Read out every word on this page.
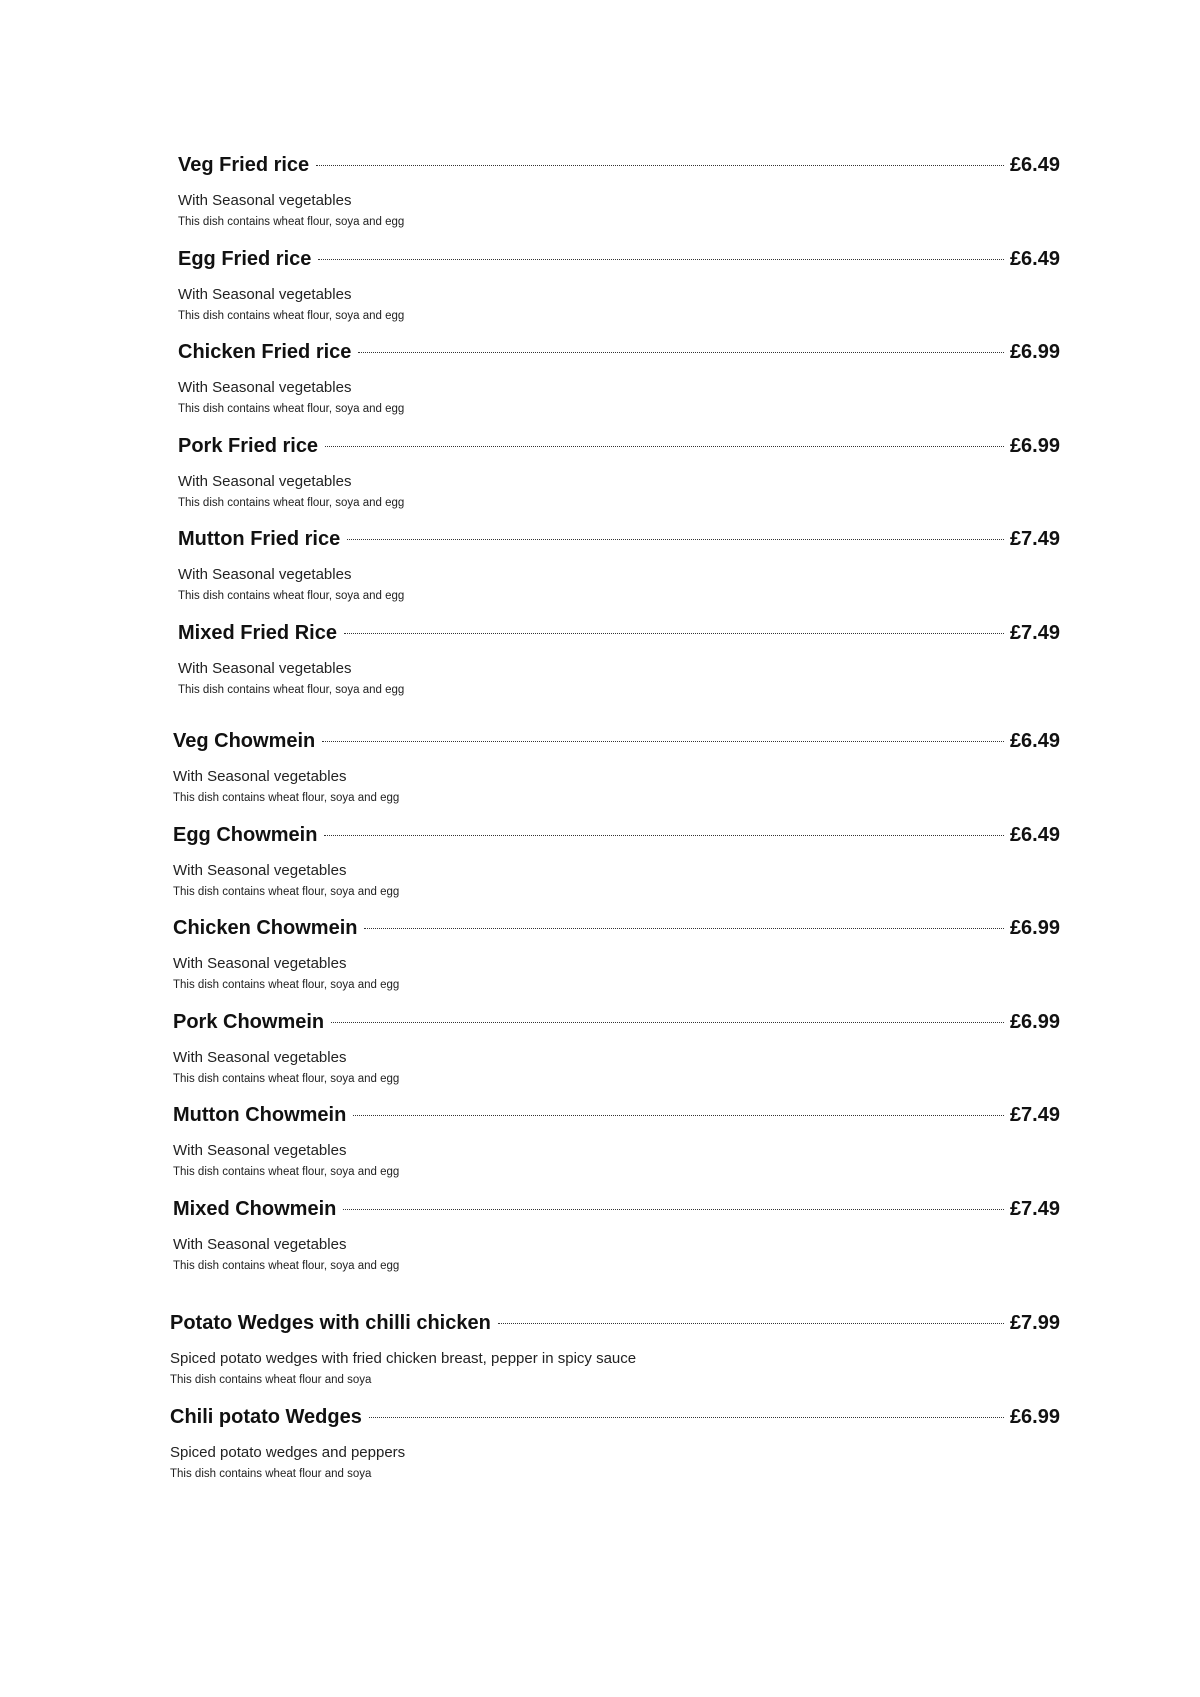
Veg Fried rice	£6.49
With Seasonal vegetables
This dish contains wheat flour, soya and egg
Egg Fried rice	£6.49
With Seasonal vegetables
This dish contains wheat flour, soya and egg
Chicken Fried rice	£6.99
With Seasonal vegetables
This dish contains wheat flour, soya and egg
Pork Fried rice	£6.99
With Seasonal vegetables
This dish contains wheat flour, soya and egg
Mutton Fried rice	£7.49
With Seasonal vegetables
This dish contains wheat flour, soya and egg
Mixed Fried Rice	£7.49
With Seasonal vegetables
This dish contains wheat flour, soya and egg
Veg Chowmein	£6.49
With Seasonal vegetables
This dish contains wheat flour, soya and egg
Egg Chowmein	£6.49
With Seasonal vegetables
This dish contains wheat flour, soya and egg
Chicken Chowmein	£6.99
With Seasonal vegetables
This dish contains wheat flour, soya and egg
Pork Chowmein	£6.99
With Seasonal vegetables
This dish contains wheat flour, soya and egg
Mutton Chowmein	£7.49
With Seasonal vegetables
This dish contains wheat flour, soya and egg
Mixed Chowmein	£7.49
With Seasonal vegetables
This dish contains wheat flour, soya and egg
Potato Wedges with chilli chicken	£7.99
Spiced potato wedges with fried chicken breast, pepper in spicy sauce
This dish contains wheat flour and soya
Chili potato Wedges	£6.99
Spiced potato wedges and peppers
This dish contains wheat flour and soya
